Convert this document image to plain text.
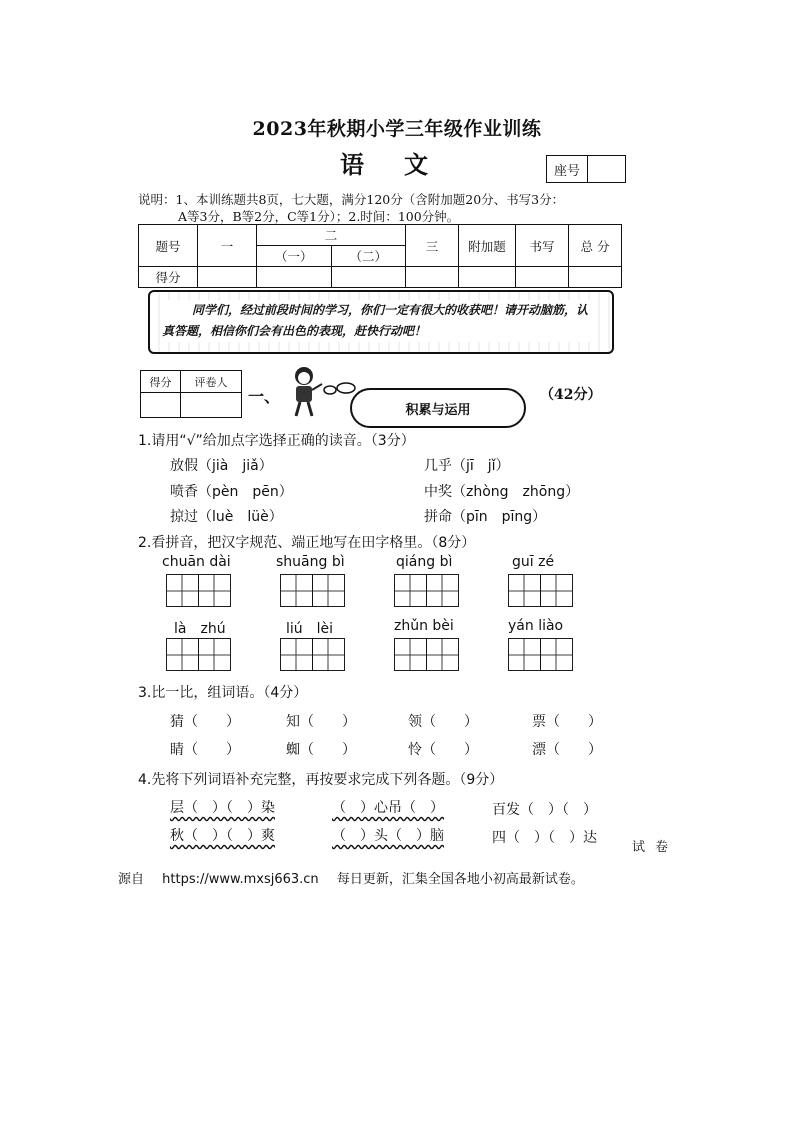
2023年秋期小学三年级作业训练
语文	座号
说明：1、本训练题共8页，七大题，满分120分（含附加题20分、书写3分：
A等3分，B等2分，C等1分）；2.时间：100分钟。
题号	一	二		三	附加题	书写	总 分
		（一）	（二）				
得分							
同学们，经过前段时间的学习，你们一定有很大的收获吧！请开动脑筋，认真答题，相信你们会有出色的表现，赶快行动吧！
得分	评卷人
一、
积累与运用
（42分）
1.请用“√”给加点字选择正确的读音。（3分）
放假（jià　jiǎ）	几乎（jī　jǐ）
喷香（pèn　pēn）	中奖（zhòng　zhōng）
掠过（luè　lüè）	拼命（pīn　pīng）
2.看拼音，把汉字规范、端正地写在田字格里。（8分）
chuān dài	shuāng bì	qiáng bì	guī zé
là　zhú	liú　lèi	zhǔn bèi	yán liào
3.比一比，组词语。（4分）
猜（　　）	知（　　）	领（　　）	票（　　）
睛（　　）	蜘（　　）	怜（　　）	漂（　　）
4.先将下列词语补充完整，再按要求完成下列各题。（9分）
层（　）（　）染	（　）心吊（　）	百发（　）（　）
秋（　）（　）爽	（　）头（　）脑	四（　）（　）达
试卷
源自 https://www.mxsj663.cn 每日更新，汇集全国各地小初高最新试卷。
